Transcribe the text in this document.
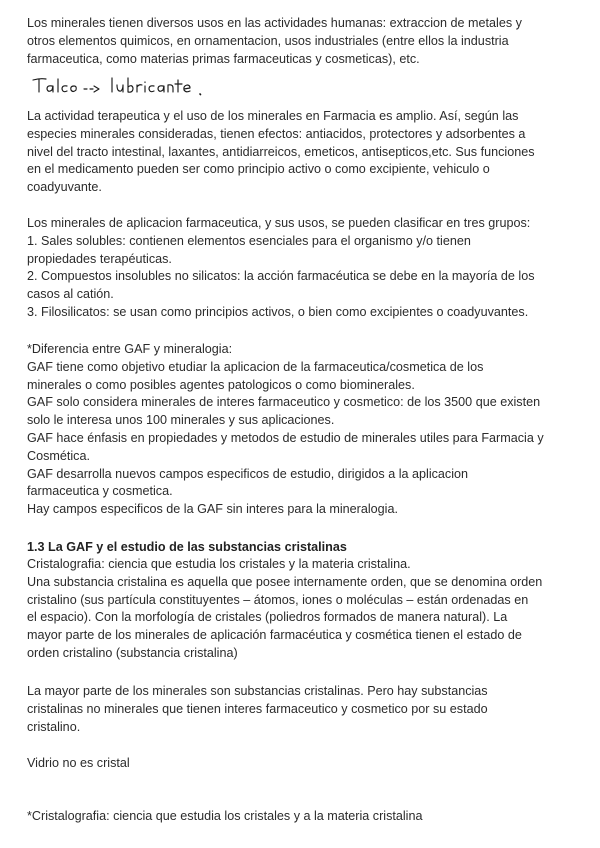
Los minerales tienen diversos usos en las actividades humanas: extraccion de metales y
otros elementos quimicos, en ornamentacion, usos industriales (entre ellos la industria
farmaceutica, como materias primas farmaceuticas y cosmeticas), etc.
La actividad terapeutica y el uso de los minerales en Farmacia es amplio. Así, según las
especies minerales consideradas, tienen efectos: antiacidos, protectores y adsorbentes a
nivel del tracto intestinal, laxantes, antidiarreicos, emeticos, antisepticos,etc. Sus funciones
en el medicamento pueden ser como principio activo o como excipiente, vehiculo o
coadyuvante.
Los minerales de aplicacion farmaceutica, y sus usos, se pueden clasificar en tres grupos:
1. Sales solubles: contienen elementos esenciales para el organismo y/o tienen
propiedades terapéuticas.
2. Compuestos insolubles no silicatos: la acción farmacéutica se debe en la mayoría de los
casos al catión.
3. Filosilicatos: se usan como principios activos, o bien como excipientes o coadyuvantes.
*Diferencia entre GAF y mineralogia:
GAF tiene como objetivo etudiar la aplicacion de la farmaceutica/cosmetica de los
minerales o como posibles agentes patologicos o como biominerales.
GAF solo considera minerales de interes farmaceutico y cosmetico: de los 3500 que existen
solo le interesa unos 100 minerales y sus aplicaciones.
GAF hace énfasis en propiedades y metodos de estudio de minerales utiles para Farmacia y
Cosmética.
GAF desarrolla nuevos campos especificos de estudio, dirigidos a la aplicacion
farmaceutica y cosmetica.
Hay campos especificos de la GAF sin interes para la mineralogia.
1.3 La GAF y el estudio de las substancias cristalinas
Cristalografia: ciencia que estudia los cristales y la materia cristalina.
Una substancia cristalina es aquella que posee internamente orden, que se denomina orden
cristalino (sus partícula constituyentes – átomos, iones o moléculas – están ordenadas en
el espacio). Con la morfología de cristales (poliedros formados de manera natural). La
mayor parte de los minerales de aplicación farmacéutica y cosmética tienen el estado de
orden cristalino (substancia cristalina)
La mayor parte de los minerales son substancias cristalinas. Pero hay substancias
cristalinas no minerales que tienen interes farmaceutico y cosmetico por su estado
cristalino.
Vidrio no es cristal
*Cristalografia: ciencia que estudia los cristales y a la materia cristalina
